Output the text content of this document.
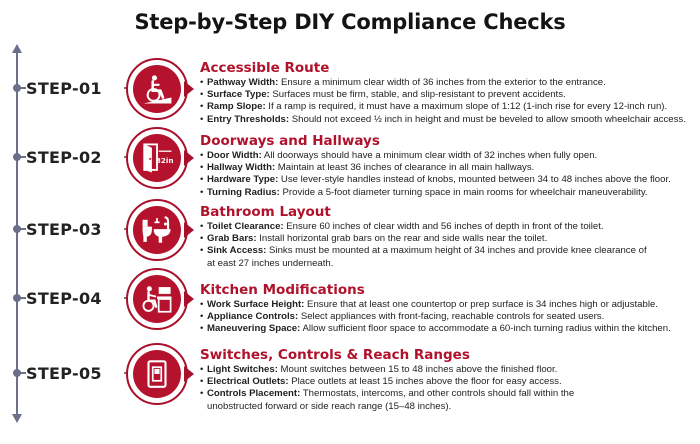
Step-by-Step DIY Compliance Checks
STEP-01
Accessible Route
• Pathway Width: Ensure a minimum clear width of 36 inches from the exterior to the entrance.
• Surface Type: Surfaces must be firm, stable, and slip-resistant to prevent accidents.
• Ramp Slope: If a ramp is required, it must have a maximum slope of 1:12 (1-inch rise for every 12-inch run).
• Entry Thresholds: Should not exceed ½ inch in height and must be beveled to allow smooth wheelchair access.
STEP-02	32in
Doorways and Hallways
• Door Width: All doorways should have a minimum clear width of 32 inches when fully open.
• Hallway Width: Maintain at least 36 inches of clearance in all main hallways.
• Hardware Type: Use lever-style handles instead of knobs, mounted between 34 to 48 inches above the floor.
• Turning Radius: Provide a 5-foot diameter turning space in main rooms for wheelchair maneuverability.
STEP-03
Bathroom Layout
• Toilet Clearance: Ensure 60 inches of clear width and 56 inches of depth in front of the toilet.
• Grab Bars: Install horizontal grab bars on the rear and side walls near the toilet.
• Sink Access: Sinks must be mounted at a maximum height of 34 inches and provide knee clearance of
at east 27 inches underneath.
STEP-04	Kitchen Modifications
• Work Surface Height: Ensure that at least one countertop or prep surface is 34 inches high or adjustable.
• Appliance Controls: Select appliances with front-facing, reachable controls for seated users.
• Maneuvering Space: Allow sufficient floor space to accommodate a 60-inch turning radius within the kitchen.
STEP-05
Switches, Controls & Reach Ranges
• Light Switches: Mount switches between 15 to 48 inches above the finished floor.
• Electrical Outlets: Place outlets at least 15 inches above the floor for easy access.
• Controls Placement: Thermostats, intercoms, and other controls should fall within the
unobstructed forward or side reach range (15–48 inches).
